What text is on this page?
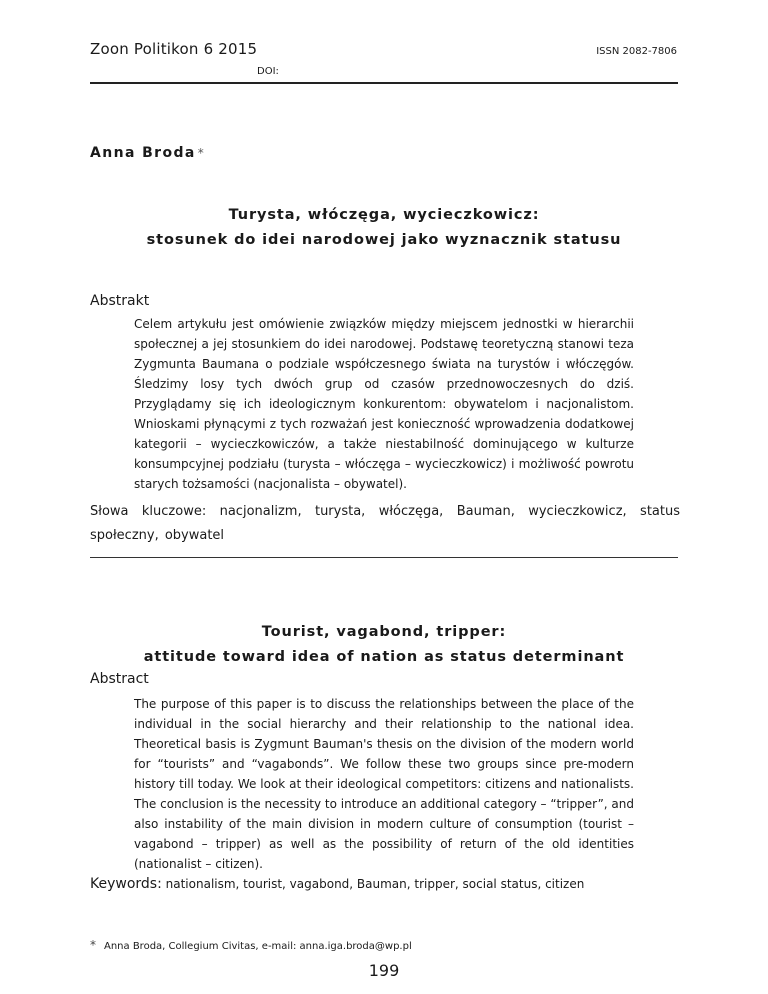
Zoon Politikon 6 2015	ISSN 2082-7806
DOI:
Anna Broda *
Turysta, włóczęga, wycieczkowicz:
stosunek do idei narodowej jako wyznacznik statusu
Abstrakt
Celem artykułu jest omówienie związków między miejscem jednostki w hierarchii społecznej a jej stosunkiem do idei narodowej. Podstawę teoretyczną stanowi teza Zygmunta Baumana o podziale współczesnego świata na turystów i włóczęgów. Śledzimy losy tych dwóch grup od czasów przednowoczesnych do dziś. Przyglądamy się ich ideologicznym konkurentom: obywatelom i nacjonalistom. Wnioskami płynącymi z tych rozważań jest konieczność wprowadzenia dodatkowej kategorii – wycieczkowiczów, a także niestabilność dominującego w kulturze konsumpcyjnej podziału (turysta – włóczęga – wycieczkowicz) i możliwość powrotu starych tożsamości (nacjonalista – obywatel).
Słowa kluczowe: nacjonalizm, turysta, włóczęga, Bauman, wycieczkowicz, status społeczny, obywatel
Tourist, vagabond, tripper:
attitude toward idea of nation as status determinant
Abstract
The purpose of this paper is to discuss the relationships between the place of the individual in the social hierarchy and their relationship to the national idea. Theoretical basis is Zygmunt Bauman's thesis on the division of the modern world for “tourists” and “vagabonds”. We follow these two groups since pre-modern history till today. We look at their ideological competitors: citizens and nationalists. The conclusion is the necessity to introduce an additional category – “tripper”, and also instability of the main division in modern culture of consumption (tourist – vagabond – tripper) as well as the possibility of return of the old identities (nationalist – citizen).
Keywords: nationalism, tourist, vagabond, Bauman, tripper, social status, citizen
* Anna Broda, Collegium Civitas, e-mail: anna.iga.broda@wp.pl
199
